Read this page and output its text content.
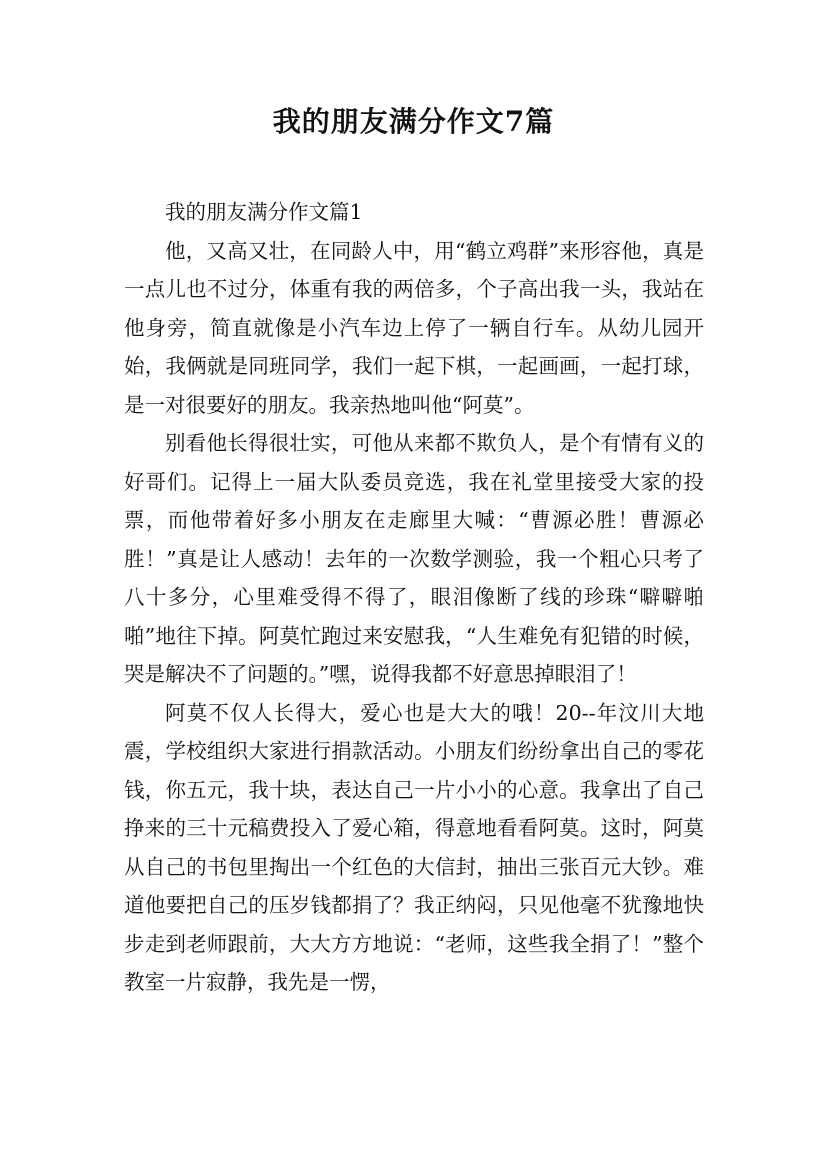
我的朋友满分作文7篇

我的朋友满分作文篇1

他，又高又壮，在同龄人中，用“鹤立鸡群”来形容他，真是一点儿也不过分，体重有我的两倍多，个子高出我一头，我站在他身旁，简直就像是小汽车边上停了一辆自行车。从幼儿园开始，我俩就是同班同学，我们一起下棋，一起画画，一起打球，是一对很要好的朋友。我亲热地叫他“阿莫”。

别看他长得很壮实，可他从来都不欺负人，是个有情有义的好哥们。记得上一届大队委员竞选，我在礼堂里接受大家的投票，而他带着好多小朋友在走廊里大喊：“曹源必胜！曹源必胜！”真是让人感动！去年的一次数学测验，我一个粗心只考了八十多分，心里难受得不得了，眼泪像断了线的珍珠“噼噼啪啪”地往下掉。阿莫忙跑过来安慰我，“人生难免有犯错的时候，哭是解决不了问题的。”嘿，说得我都不好意思掉眼泪了！

阿莫不仅人长得大，爱心也是大大的哦！20--年汶川大地震，学校组织大家进行捐款活动。小朋友们纷纷拿出自己的零花钱，你五元，我十块，表达自己一片小小的心意。我拿出了自己挣来的三十元稿费投入了爱心箱，得意地看看阿莫。这时，阿莫从自己的书包里掏出一个红色的大信封，抽出三张百元大钞。难道他要把自己的压岁钱都捐了？我正纳闷，只见他毫不犹豫地快步走到老师跟前，大大方方地说：“老师，这些我全捐了！”整个教室一片寂静，我先是一愣，
